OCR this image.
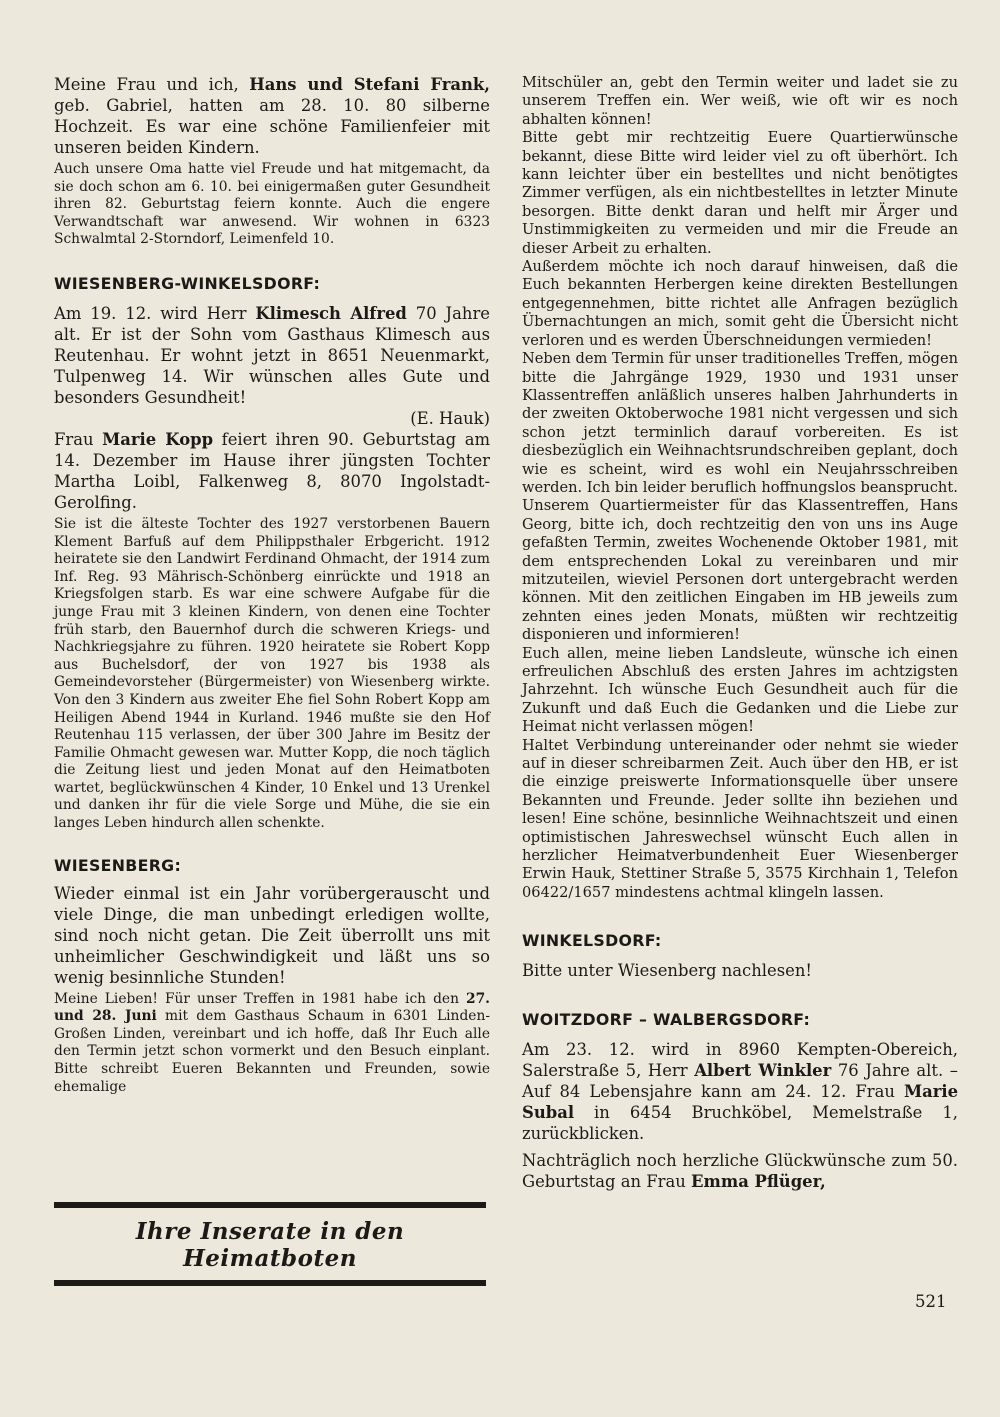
Meine Frau und ich, Hans und Stefani Frank, geb. Gabriel, hatten am 28. 10. 80 silberne Hochzeit. Es war eine schöne Familienfeier mit unseren beiden Kindern.

Auch unsere Oma hatte viel Freude und hat mitgemacht, da sie doch schon am 6. 10. bei einigermaßen guter Gesundheit ihren 82. Geburtstag feiern konnte. Auch die engere Verwandtschaft war anwesend. Wir wohnen in 6323 Schwalmtal 2-Storndorf, Leimenfeld 10.

WIESENBERG-WINKELSDORF:

Am 19. 12. wird Herr Klimesch Alfred 70 Jahre alt. Er ist der Sohn vom Gasthaus Klimesch aus Reutenhau. Er wohnt jetzt in 8651 Neuenmarkt, Tulpenweg 14. Wir wünschen alles Gute und besonders Gesundheit!

(E. Hauk)

Frau Marie Kopp feiert ihren 90. Geburtstag am 14. Dezember im Hause ihrer jüngsten Tochter Martha Loibl, Falkenweg 8, 8070 Ingolstadt-Gerolfing.

Sie ist die älteste Tochter des 1927 verstorbenen Bauern Klement Barfuß auf dem Philippsthaler Erbgericht. 1912 heiratete sie den Landwirt Ferdinand Ohmacht, der 1914 zum Inf. Reg. 93 Mährisch-Schönberg einrückte und 1918 an Kriegsfolgen starb. Es war eine schwere Aufgabe für die junge Frau mit 3 kleinen Kindern, von denen eine Tochter früh starb, den Bauernhof durch die schweren Kriegs- und Nachkriegsjahre zu führen. 1920 heiratete sie Robert Kopp aus Buchelsdorf, der von 1927 bis 1938 als Gemeindevorsteher (Bürgermeister) von Wiesenberg wirkte. Von den 3 Kindern aus zweiter Ehe fiel Sohn Robert Kopp am Heiligen Abend 1944 in Kurland. 1946 mußte sie den Hof Reutenhau 115 verlassen, der über 300 Jahre im Besitz der Familie Ohmacht gewesen war. Mutter Kopp, die noch täglich die Zeitung liest und jeden Monat auf den Heimatboten wartet, beglückwünschen 4 Kinder, 10 Enkel und 13 Urenkel und danken ihr für die viele Sorge und Mühe, die sie ein langes Leben hindurch allen schenkte.

WIESENBERG:

Wieder einmal ist ein Jahr vorübergerauscht und viele Dinge, die man unbedingt erledigen wollte, sind noch nicht getan. Die Zeit überrollt uns mit unheimlicher Geschwindigkeit und läßt uns so wenig besinnliche Stunden!

Meine Lieben! Für unser Treffen in 1981 habe ich den 27. und 28. Juni mit dem Gasthaus Schaum in 6301 Linden-Großen Linden, vereinbart und ich hoffe, daß Ihr Euch alle den Termin jetzt schon vormerkt und den Besuch einplant. Bitte schreibt Eueren Bekannten und Freunden, sowie ehemalige

Ihre Inserate in den Heimatboten

Mitschüler an, gebt den Termin weiter und ladet sie zu unserem Treffen ein. Wer weiß, wie oft wir es noch abhalten können!

Bitte gebt mir rechtzeitig Euere Quartierwünsche bekannt, diese Bitte wird leider viel zu oft überhört. Ich kann leichter über ein bestelltes und nicht benötigtes Zimmer verfügen, als ein nichtbestelltes in letzter Minute besorgen. Bitte denkt daran und helft mir Ärger und Unstimmigkeiten zu vermeiden und mir die Freude an dieser Arbeit zu erhalten.

Außerdem möchte ich noch darauf hinweisen, daß die Euch bekannten Herbergen keine direkten Bestellungen entgegennehmen, bitte richtet alle Anfragen bezüglich Übernachtungen an mich, somit geht die Übersicht nicht verloren und es werden Überschneidungen vermieden!

Neben dem Termin für unser traditionelles Treffen, mögen bitte die Jahrgänge 1929, 1930 und 1931 unser Klassentreffen anläßlich unseres halben Jahrhunderts in der zweiten Oktoberwoche 1981 nicht vergessen und sich schon jetzt terminlich darauf vorbereiten. Es ist diesbezüglich ein Weihnachtsrundschreiben geplant, doch wie es scheint, wird es wohl ein Neujahrsschreiben werden. Ich bin leider beruflich hoffnungslos beansprucht.

Unserem Quartiermeister für das Klassentreffen, Hans Georg, bitte ich, doch rechtzeitig den von uns ins Auge gefaßten Termin, zweites Wochenende Oktober 1981, mit dem entsprechenden Lokal zu vereinbaren und mir mitzuteilen, wieviel Personen dort untergebracht werden können. Mit den zeitlichen Eingaben im HB jeweils zum zehnten eines jeden Monats, müßten wir rechtzeitig disponieren und informieren!

Euch allen, meine lieben Landsleute, wünsche ich einen erfreulichen Abschluß des ersten Jahres im achtzigsten Jahrzehnt. Ich wünsche Euch Gesundheit auch für die Zukunft und daß Euch die Gedanken und die Liebe zur Heimat nicht verlassen mögen!

Haltet Verbindung untereinander oder nehmt sie wieder auf in dieser schreibarmen Zeit. Auch über den HB, er ist die einzige preiswerte Informationsquelle über unsere Bekannten und Freunde. Jeder sollte ihn beziehen und lesen! Eine schöne, besinnliche Weihnachtszeit und einen optimistischen Jahreswechsel wünscht Euch allen in herzlicher Heimatverbundenheit Euer Wiesenberger Erwin Hauk, Stettiner Straße 5, 3575 Kirchhain 1, Telefon 06422/1657 mindestens achtmal klingeln lassen.

WINKELSDORF:

Bitte unter Wiesenberg nachlesen!

WOITZDORF – WALBERGSDORF:

Am 23. 12. wird in 8960 Kempten-Obereich, Salerstraße 5, Herr Albert Winkler 76 Jahre alt. – Auf 84 Lebensjahre kann am 24. 12. Frau Marie Subal in 6454 Bruchköbel, Memelstraße 1, zurückblicken.

Nachträglich noch herzliche Glückwünsche zum 50. Geburtstag an Frau Emma Pflüger,

521
